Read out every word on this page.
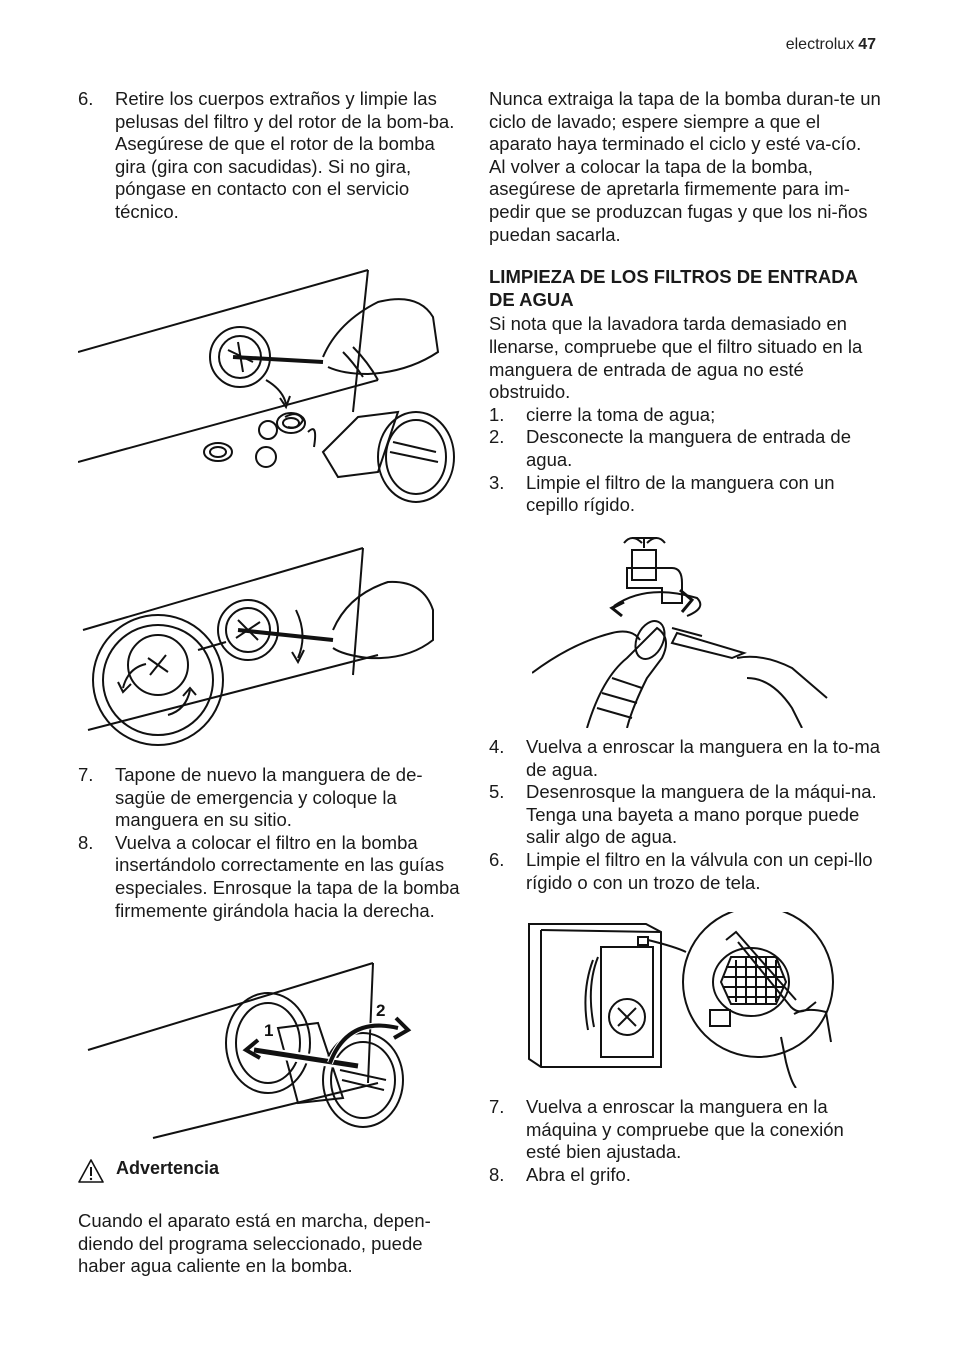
electrolux 47
6. Retire los cuerpos extraños y limpie las pelusas del filtro y del rotor de la bom-ba.

Asegúrese de que el rotor de la bomba gira (gira con sacudidas). Si no gira, póngase en contacto con el servicio técnico.

7. Tapone de nuevo la manguera de de-sagüe de emergencia y coloque la manguera en su sitio.

8. Vuelva a colocar el filtro en la bomba insertándolo correctamente en las guías especiales. Enrosque la tapa de la bomba firmemente girándola hacia la derecha.

1
2
Advertencia

Cuando el aparato está en marcha, depen-diendo del programa seleccionado, puede haber agua caliente en la bomba.

Nunca extraiga la tapa de la bomba duran-te un ciclo de lavado; espere siempre a que el aparato haya terminado el ciclo y esté va-cío. Al volver a colocar la tapa de la bomba, asegúrese de apretarla firmemente para im-pedir que se produzcan fugas y que los ni-ños puedan sacarla.

LIMPIEZA DE LOS FILTROS DE ENTRADA DE AGUA

Si nota que la lavadora tarda demasiado en llenarse, compruebe que el filtro situado en la manguera de entrada de agua no esté obstruido.

1. cierre la toma de agua;

2. Desconecte la manguera de entrada de agua.

3. Limpie el filtro de la manguera con un cepillo rígido.

4. Vuelva a enroscar la manguera en la to-ma de agua.

5. Desenrosque la manguera de la máqui-na. Tenga una bayeta a mano porque puede salir algo de agua.

6. Limpie el filtro en la válvula con un cepi-llo rígido o con un trozo de tela.

7. Vuelva a enroscar la manguera en la máquina y compruebe que la conexión esté bien ajustada.

8. Abra el grifo.
